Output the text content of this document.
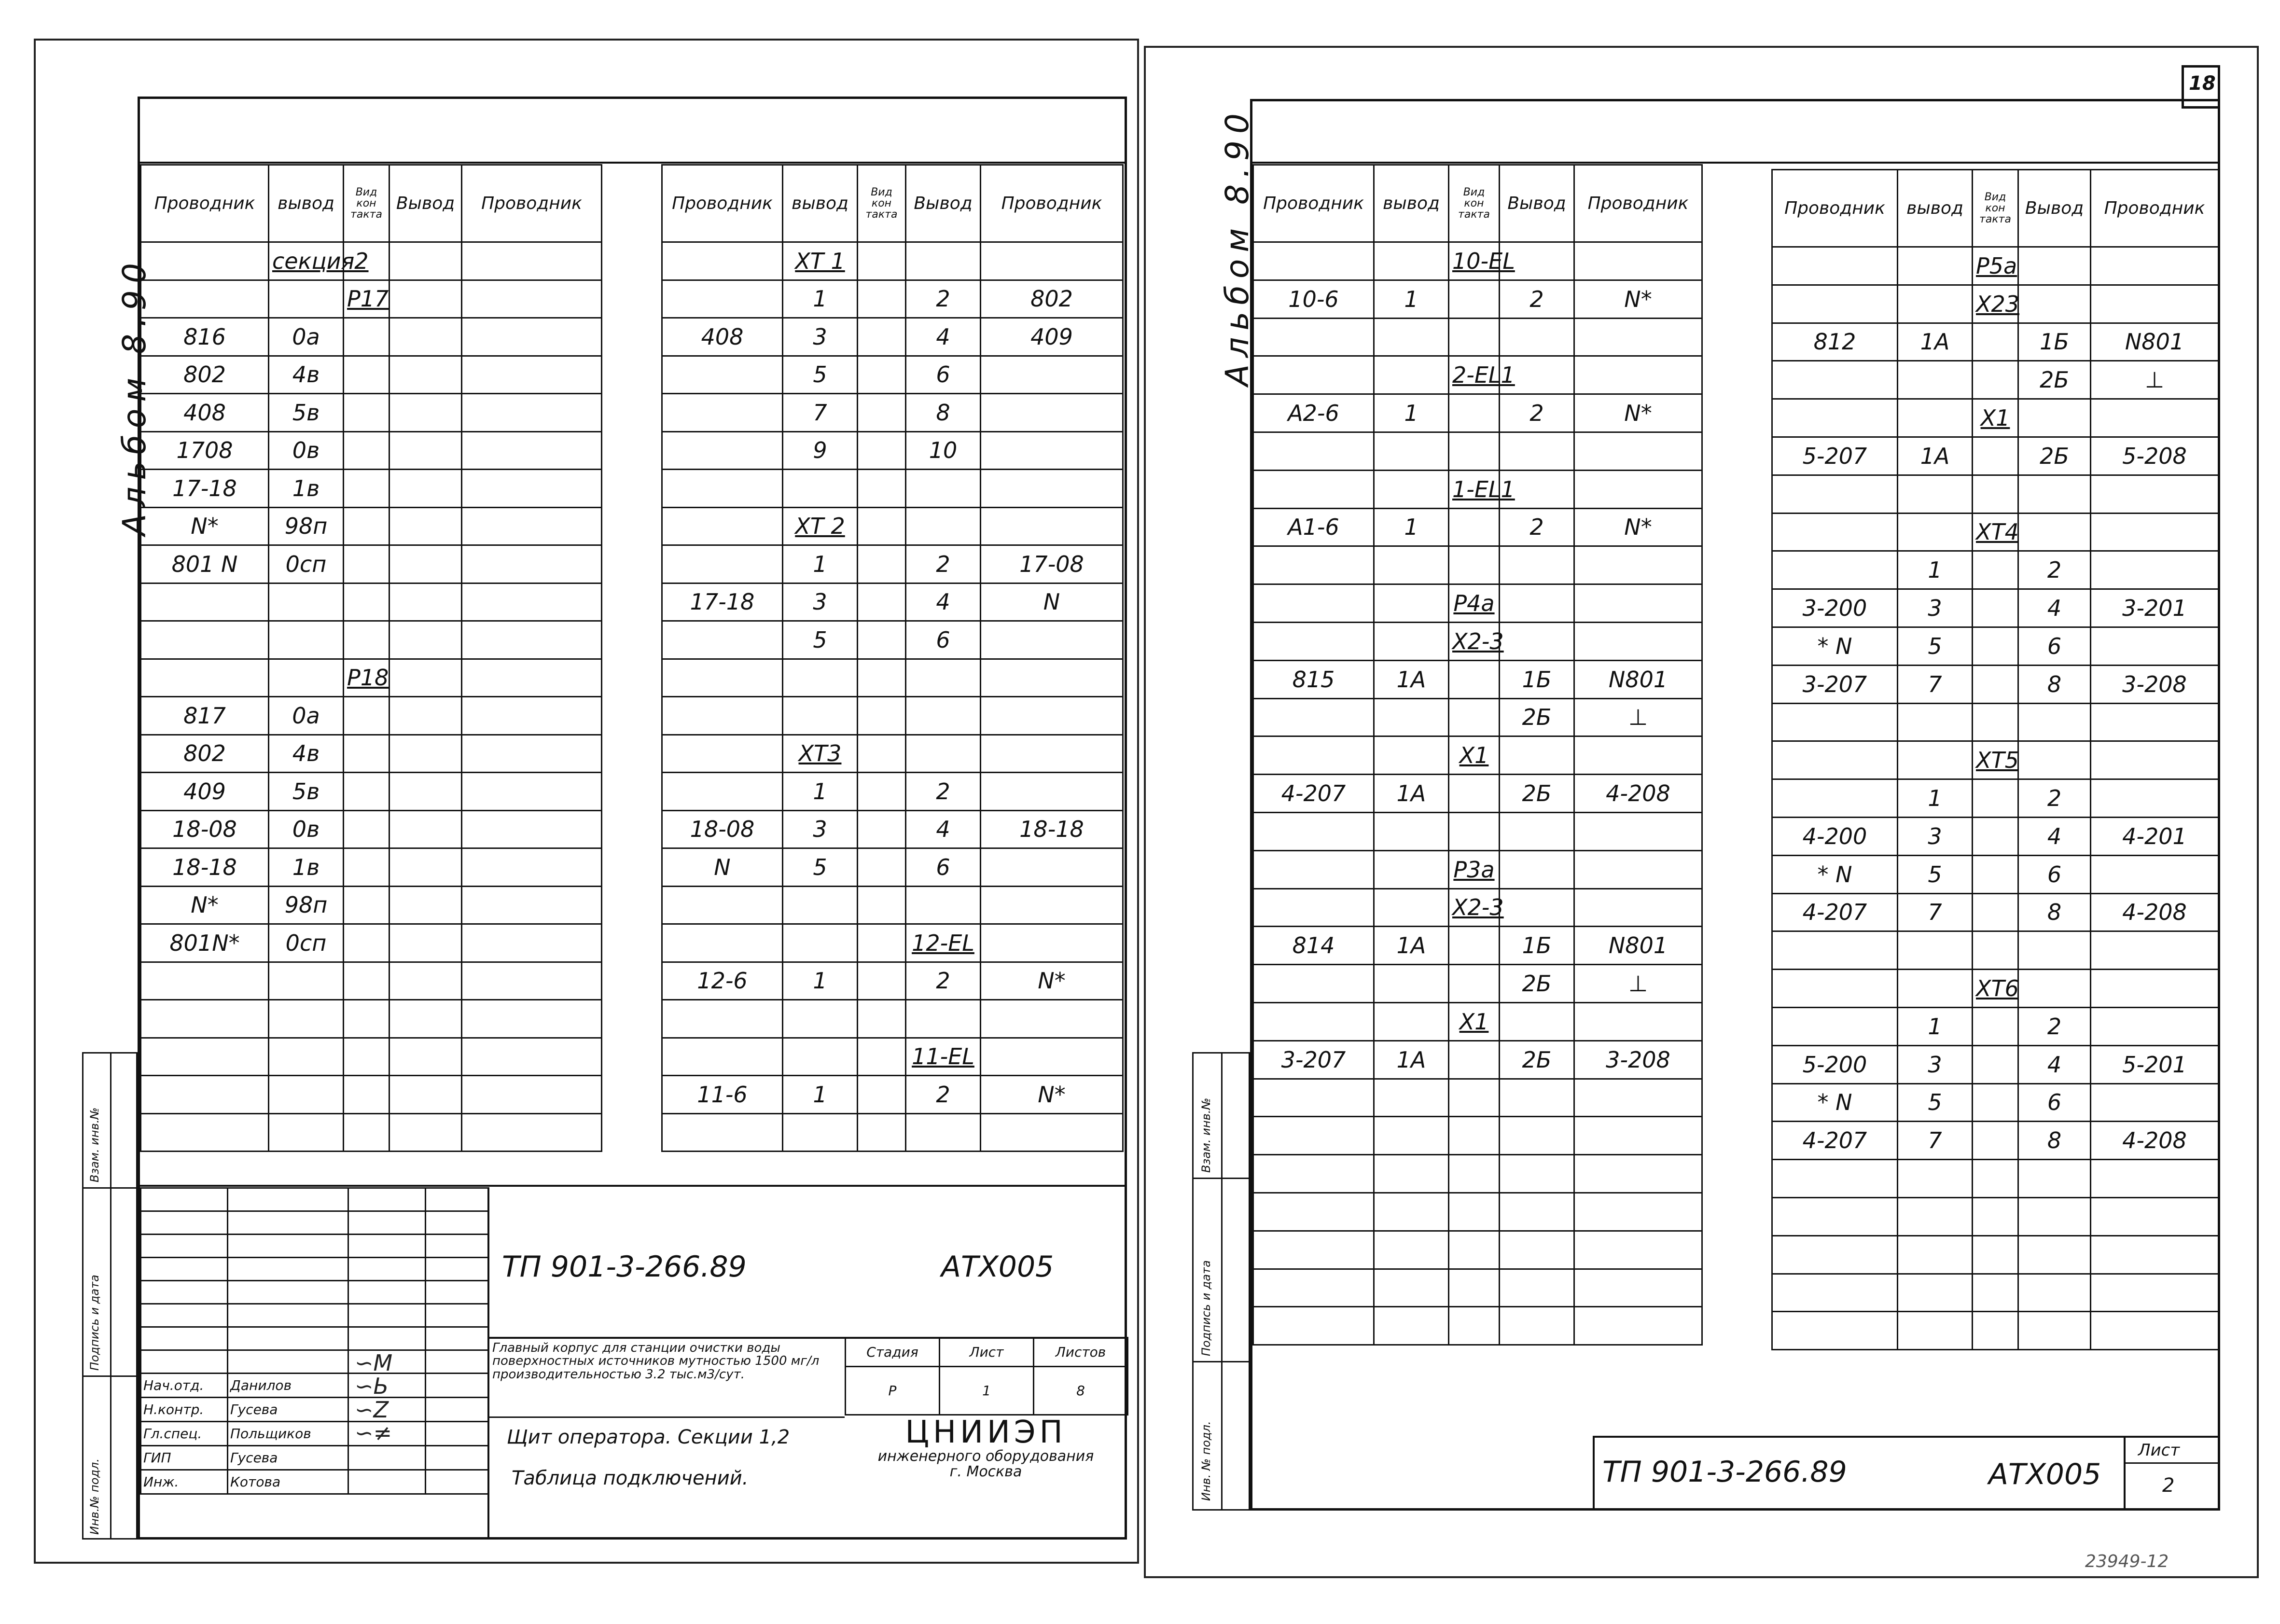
Альбом 8.90
Проводник	вывод	Вид
кон
такта	Вывод	Проводник
	секция2			
		P17		
816	0а			
802	4в			
408	5в			
1708	0в			
17-18	1в			
N*	98п			
801 N	0сп			

		P18		
817	0а			
802	4в			
409	5в			
18-08	0в			
18-18	1в			
N*	98п			
801N*	0сп			

Проводник	вывод	Вид
кон
такта	Вывод	Проводник
	XT 1			
	1		2	802
408	3		4	409
	5		6	
	7		8	
	9		10	

	XT 2			
	1		2	17-08
17-18	3		4	N
	5		6	

	XT3			
	1		2	
18-08	3		4	18-18
N	5		6	

			12-EL	
12-6	1		2	N*

			11-EL	
11-6	1		2	N*

Инв.№ подл.
Подпись и дата
Взам. инв.№

Нач.отд.	Данилов		
Н.контр.	Гусева		
Гл.спец.	Польщиков		
ГИП	Гусева		
Инж.	Котова		
∽M
∽Ь
∽Z
∽≠
ТП 901-3-266.89	АТХ005
Главный корпус для станции очистки воды поверхностных источников мутностью 1500 мг/л производительностью 3.2 тыс.м3/сут.
Щит оператора. Секции 1,2
Таблица подключений.
Стадия	Лист	Листов
Р	1	8
ЦНИИЭП
инженерного оборудования
г. Москва
18
Альбом 8.90 Проводник	вывод	Вид
кон
такта	Вывод	Проводник
		10-EL		
10-6	1		2	N*

		2-EL1		
A2-6	1		2	N*

		1-EL1		
A1-6	1		2	N*

		P4a		
		X2-3		
815	1А		1Б	N801
			2Б	⊥
		X1		
4-207	1А		2Б	4-208

		P3a		
		X2-3		
814	1А		1Б	N801
			2Б	⊥
		X1		
3-207	1А		2Б	3-208

Проводник	вывод	Вид
кон
такта	Вывод	Проводник
		P5a		
		X23		
812	1А		1Б	N801
			2Б	⊥
		X1		
5-207	1А		2Б	5-208

		XT4		
	1		2	
3-200	3		4	3-201
* N	5		6	
3-207	7		8	3-208

		XT5		
	1		2	
4-200	3		4	4-201
* N	5		6	
4-207	7		8	4-208

		XT6		
	1		2	
5-200	3		4	5-201
* N	5		6	
4-207	7		8	4-208

Инв. № подл.
Подпись и дата
Взам. инв.№
ТП 901-3-266.89	АТХ005
Лист
2
23949-12
